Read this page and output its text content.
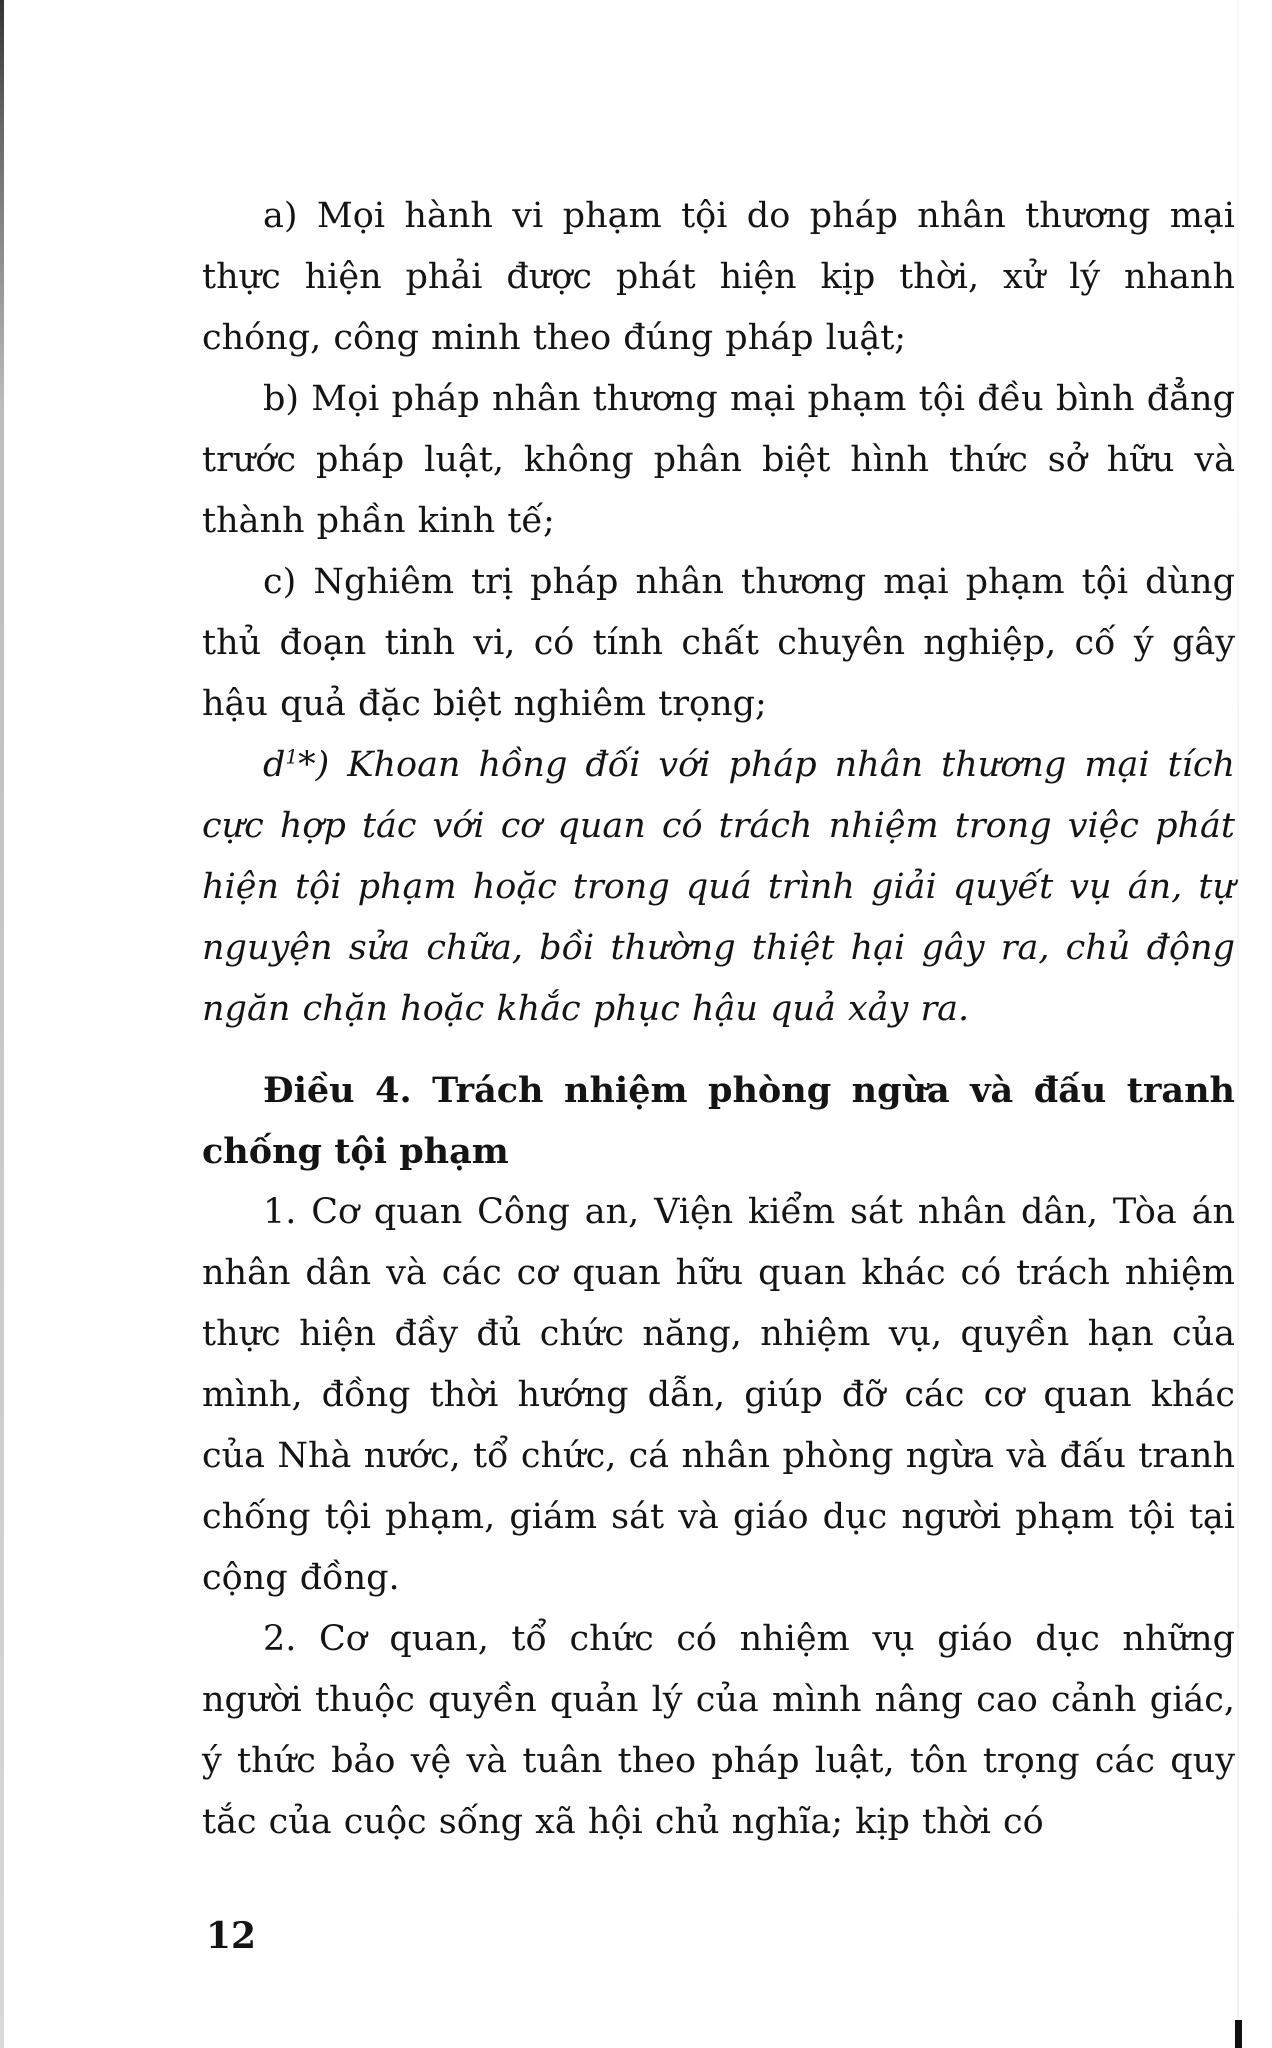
a) Mọi hành vi phạm tội do pháp nhân thương mại thực hiện phải được phát hiện kịp thời, xử lý nhanh chóng, công minh theo đúng pháp luật;

b) Mọi pháp nhân thương mại phạm tội đều bình đẳng trước pháp luật, không phân biệt hình thức sở hữu và thành phần kinh tế;

c) Nghiêm trị pháp nhân thương mại phạm tội dùng thủ đoạn tinh vi, có tính chất chuyên nghiệp, cố ý gây hậu quả đặc biệt nghiêm trọng;

$d^1*$) Khoan hồng đối với pháp nhân thương mại tích cực hợp tác với cơ quan có trách nhiệm trong việc phát hiện tội phạm hoặc trong quá trình giải quyết vụ án, tự nguyện sửa chữa, bồi thường thiệt hại gây ra, chủ động ngăn chặn hoặc khắc phục hậu quả xảy ra.

Điều 4. Trách nhiệm phòng ngừa và đấu tranh chống tội phạm

1. Cơ quan Công an, Viện kiểm sát nhân dân, Tòa án nhân dân và các cơ quan hữu quan khác có trách nhiệm thực hiện đầy đủ chức năng, nhiệm vụ, quyền hạn của mình, đồng thời hướng dẫn, giúp đỡ các cơ quan khác của Nhà nước, tổ chức, cá nhân phòng ngừa và đấu tranh chống tội phạm, giám sát và giáo dục người phạm tội tại cộng đồng.

2. Cơ quan, tổ chức có nhiệm vụ giáo dục những người thuộc quyền quản lý của mình nâng cao cảnh giác, ý thức bảo vệ và tuân theo pháp luật, tôn trọng các quy tắc của cuộc sống xã hội chủ nghĩa; kịp thời có

12
